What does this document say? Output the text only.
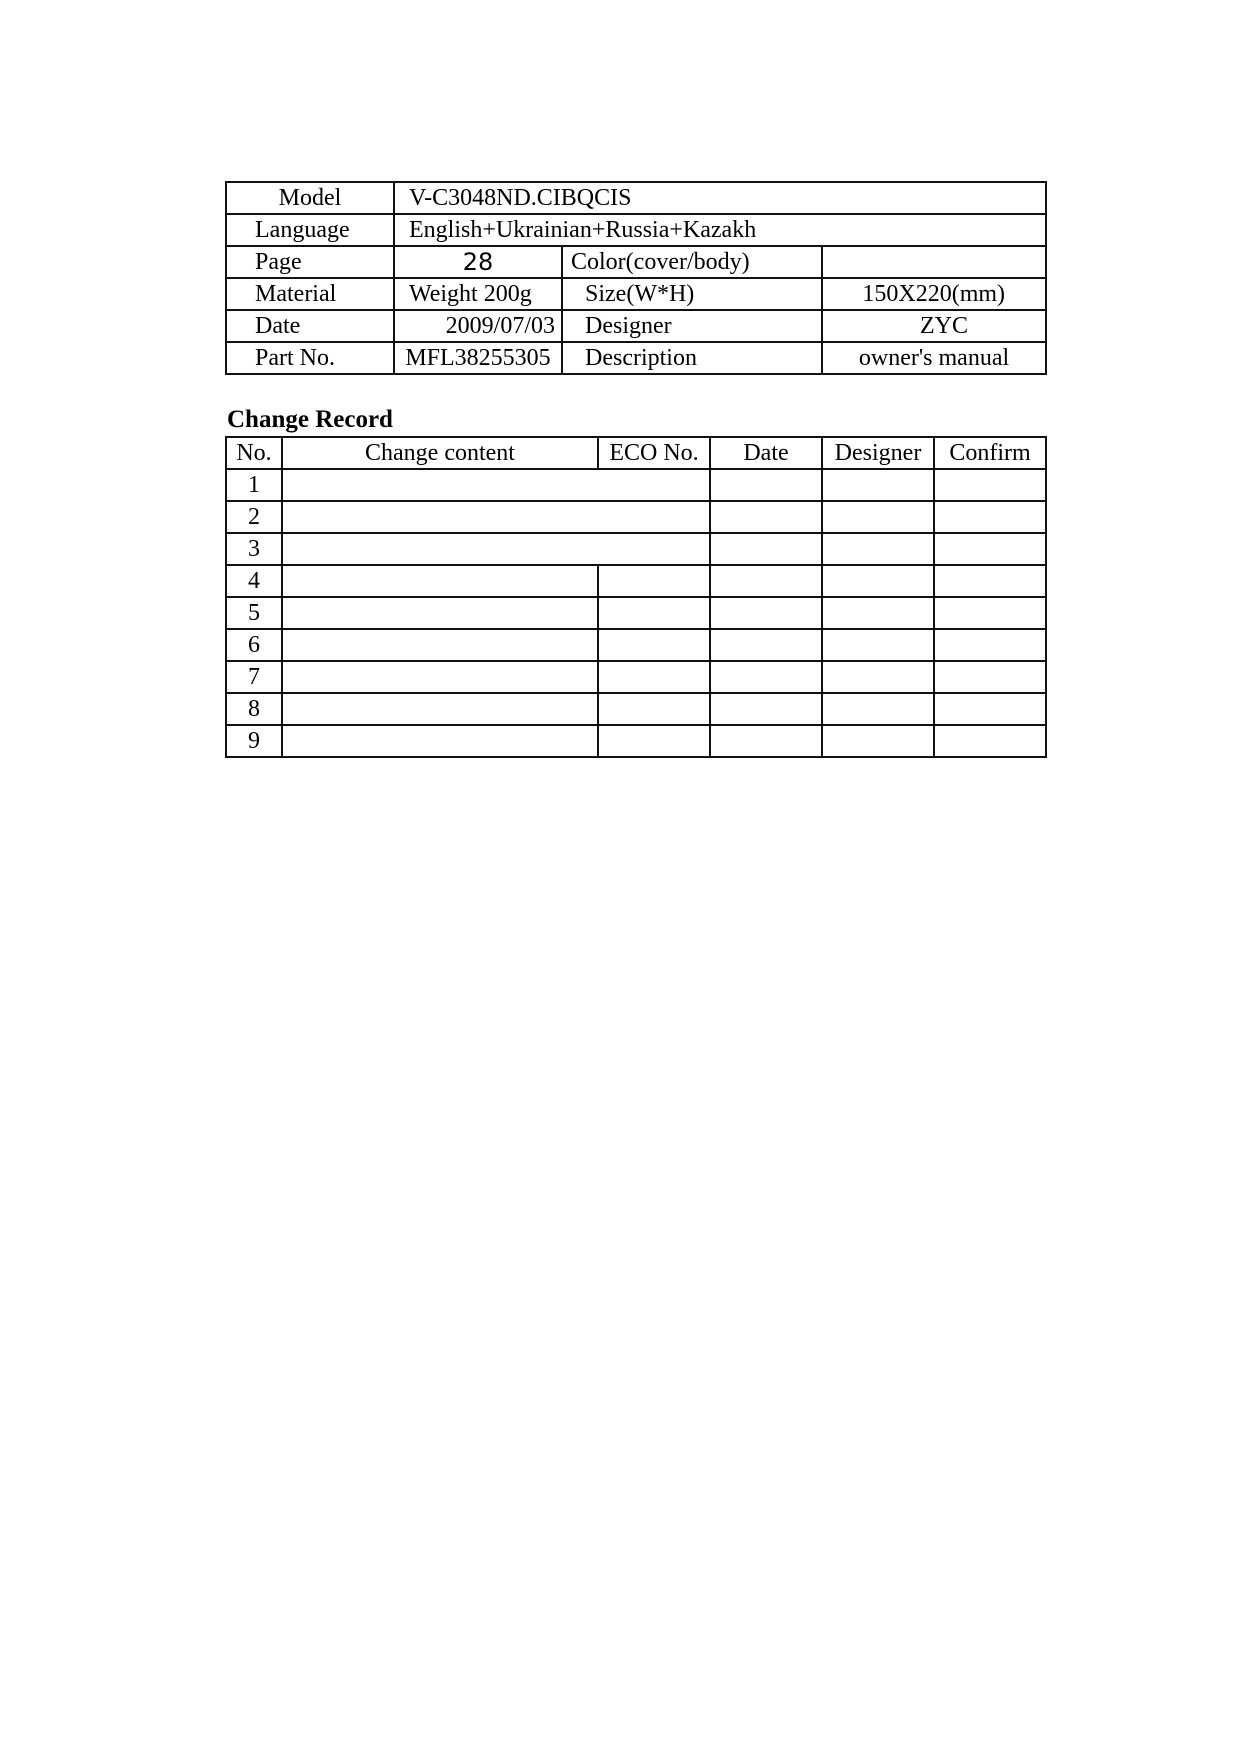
Model	V-C3048ND.CIBQCIS		
Language	English+Ukrainian+Russia+Kazakh		
Page	28	Color(cover/body)	
Material	Weight 200g	Size(W*H)	150X220(mm)
Date	2009/07/03	Designer	ZYC
Part No.	MFL38255305	Description	owner's manual
Change Record
No.	Change content	ECO No.	Date	Designer	Confirm
1					
2					
3					
4					
5					
6					
7					
8					
9					
